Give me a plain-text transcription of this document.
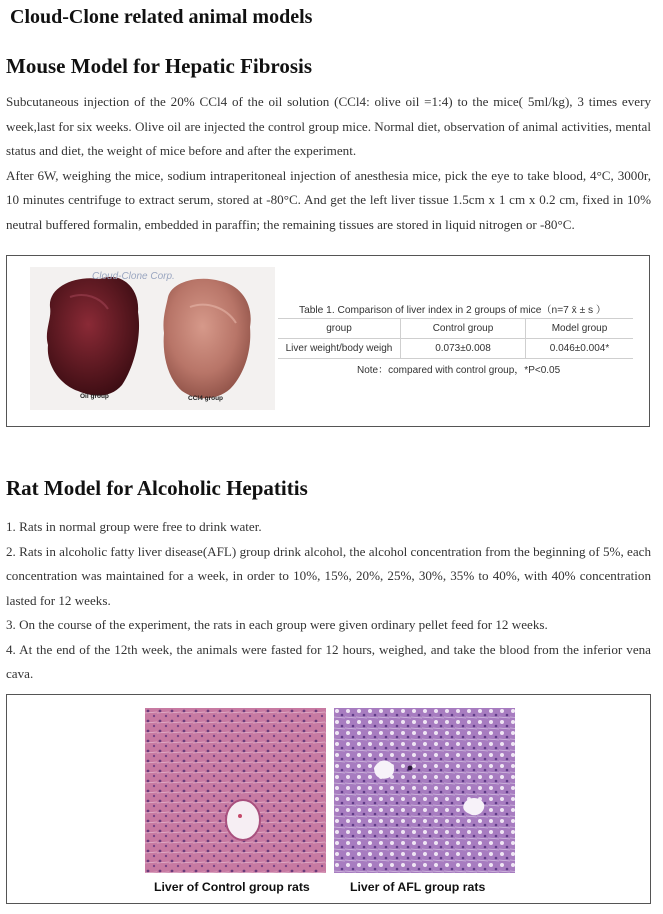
Cloud-Clone related animal models
Mouse Model for Hepatic Fibrosis

Subcutaneous injection of the 20% CCl4 of the oil solution (CCl4: olive oil =1:4) to the mice( 5ml/kg), 3 times every week,last for six weeks. Olive oil are injected the control group mice. Normal diet, observation of animal activities, mental status and diet, the weight of mice before and after the experiment.

After 6W, weighing the mice, sodium intraperitoneal injection of anesthesia mice, pick the eye to take blood, 4°C, 3000r, 10 minutes centrifuge to extract serum, stored at -80°C. And get the left liver tissue 1.5cm x 1 cm x 0.2 cm, fixed in 10% neutral buffered formalin, embedded in paraffin; the remaining tissues are stored in liquid nitrogen or -80°C.

Cloud-Clone Corp.
Oil group	CCl4 group
Table 1. Comparison of liver index in 2 groups of mice（n=7 x̄ ± s ）
group	Control group	Model group
Liver weight/body weigh	0.073±0.008	0.046±0.004*
Note：compared with control group，*P<0.05
Rat Model for Alcoholic Hepatitis

1. Rats in normal group were free to drink water.

2. Rats in alcoholic fatty liver disease(AFL) group drink alcohol, the alcohol concentration from the beginning of 5%, each concentration was maintained for a week, in order to 10%, 15%, 20%, 25%, 30%, 35% to 40%, with 40% concentration lasted for 12 weeks.

3. On the course of the experiment, the rats in each group were given ordinary pellet feed for 12 weeks.

4. At the end of the 12th week, the animals were fasted for 12 hours, weighed, and take the blood from the inferior vena cava.

Liver of Control group rats	Liver of AFL group rats
